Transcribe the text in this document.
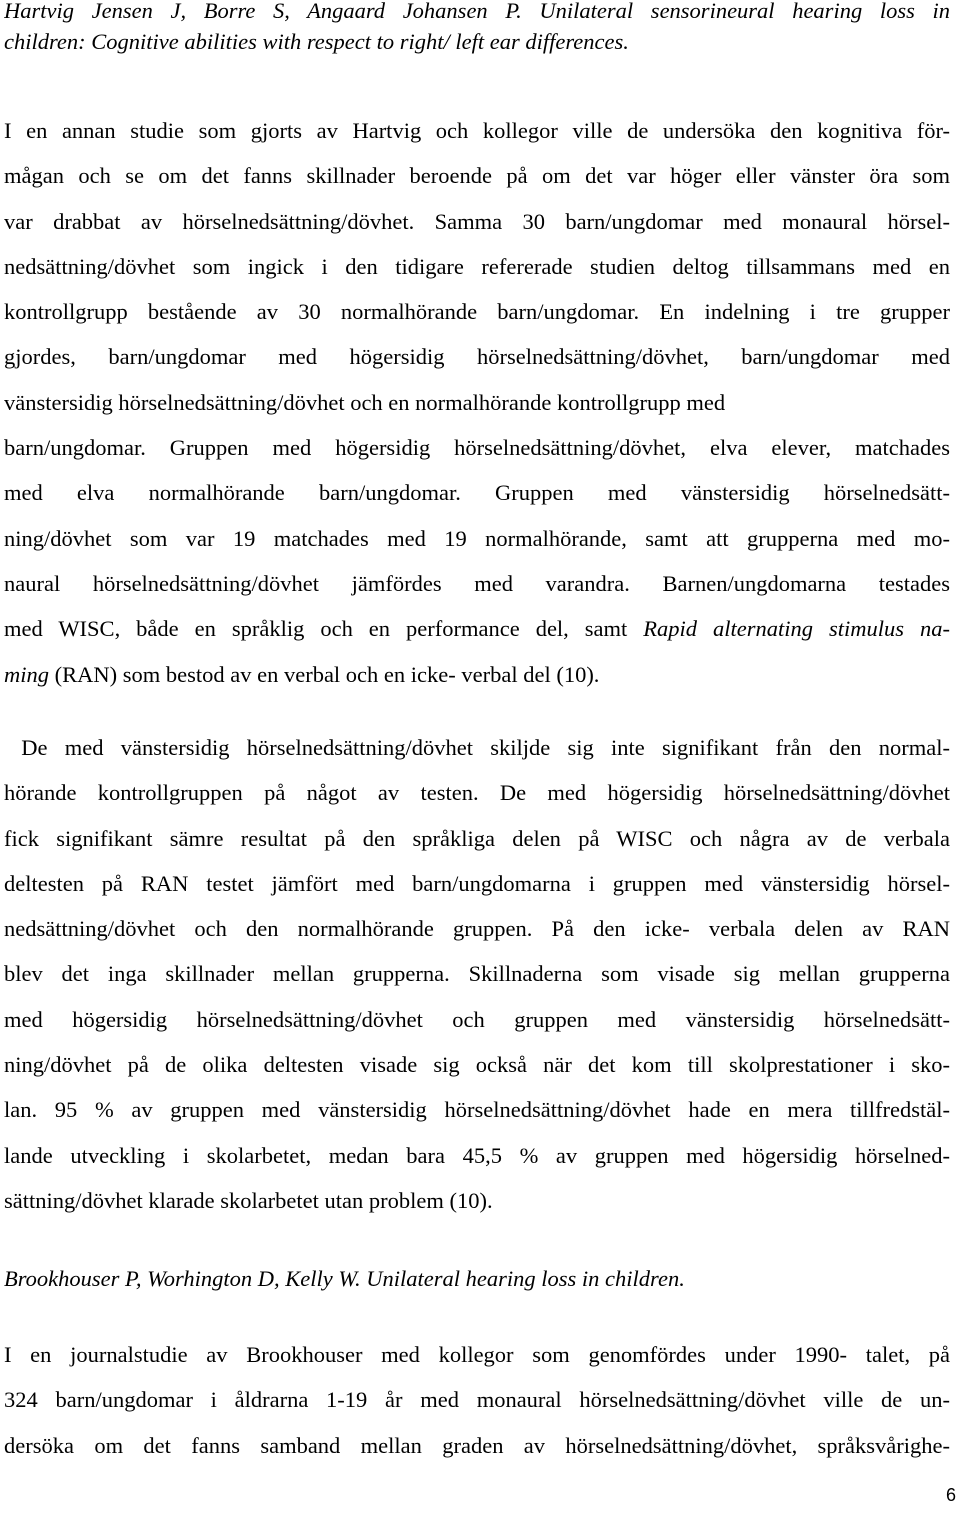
Hartvig Jensen J, Borre S, Angaard Johansen P. Unilateral sensorineural hearing loss in
children: Cognitive abilities with respect to right/ left ear differences.

I en annan studie som gjorts av Hartvig och kollegor ville de undersöka den kognitiva för-
mågan och se om det fanns skillnader beroende på om det var höger eller vänster öra som
var drabbat av hörselnedsättning/dövhet. Samma 30 barn/ungdomar med monaural hörsel-
nedsättning/dövhet som ingick i den tidigare refererade studien deltog tillsammans med en
kontrollgrupp bestående av 30 normalhörande barn/ungdomar. En indelning i tre grupper
gjordes, barn/ungdomar med högersidig hörselnedsättning/dövhet, barn/ungdomar med
vänstersidig hörselnedsättning/dövhet och en normalhörande kontrollgrupp med
barn/ungdomar. Gruppen med högersidig hörselnedsättning/dövhet, elva elever, matchades
med elva normalhörande barn/ungdomar. Gruppen med vänstersidig hörselnedsätt-
ning/dövhet som var 19 matchades med 19 normalhörande, samt att grupperna med mo-
naural hörselnedsättning/dövhet jämfördes med varandra. Barnen/ungdomarna testades
med WISC, både en språklig och en performance del, samt Rapid alternating stimulus na-
ming (RAN) som bestod av en verbal och en icke- verbal del (10).

De med vänstersidig hörselnedsättning/dövhet skiljde sig inte signifikant från den normal-
hörande kontrollgruppen på något av testen. De med högersidig hörselnedsättning/dövhet
fick signifikant sämre resultat på den språkliga delen på WISC och några av de verbala
deltesten på RAN testet jämfört med barn/ungdomarna i gruppen med vänstersidig hörsel-
nedsättning/dövhet och den normalhörande gruppen. På den icke- verbala delen av RAN
blev det inga skillnader mellan grupperna. Skillnaderna som visade sig mellan grupperna
med högersidig hörselnedsättning/dövhet och gruppen med vänstersidig hörselnedsätt-
ning/dövhet på de olika deltesten visade sig också när det kom till skolprestationer i sko-
lan. 95 % av gruppen med vänstersidig hörselnedsättning/dövhet hade en mera tillfredstäl-
lande utveckling i skolarbetet, medan bara 45,5 % av gruppen med högersidig hörselned-
sättning/dövhet klarade skolarbetet utan problem (10).

Brookhouser P, Worhington D, Kelly W. Unilateral hearing loss in children.

I en journalstudie av Brookhouser med kollegor som genomfördes under 1990- talet, på
324 barn/ungdomar i åldrarna 1-19 år med monaural hörselnedsättning/dövhet ville de un-
dersöka om det fanns samband mellan graden av hörselnedsättning/dövhet, språksvårighe-

6
